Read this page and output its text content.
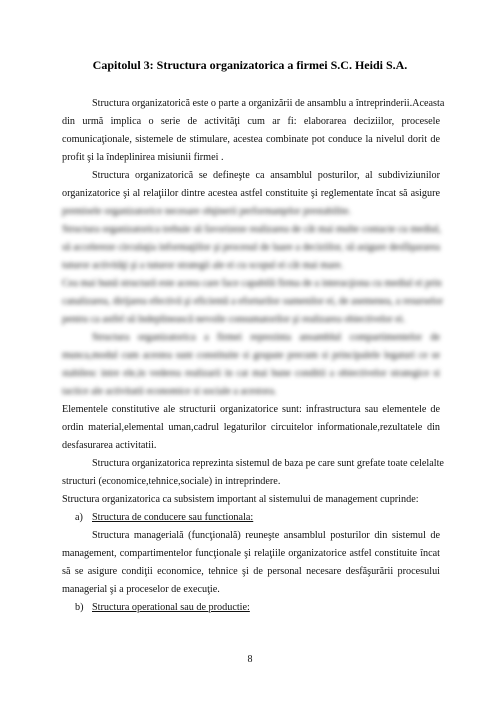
Capitolul 3: Structura organizatorica a firmei S.C. Heidi S.A.
Structura organizatorică este o parte a organizării de ansamblu a întreprinderii.Aceasta
din urmă implica o serie de activităţi cum ar fi: elaborarea deciziilor, procesele
comunicaţionale, sistemele de stimulare, acestea combinate pot conduce la nivelul dorit de
profit şi la îndeplinirea misiunii firmei .
Structura organizatorică se defineşte ca ansamblul posturilor, al subdiviziunilor
organizatorice şi al relaţiilor dintre acestea astfel constituite şi reglementate încat să asigure
premisele organizatorice necesare obţinerii performanţelor prestabilite.
Structura organizatorica trebuie să favorizeze realizarea de cât mai multe contacte cu mediul,
să accelereze circulaţia informaţiilor şi procesul de luare a deciziilor, să asigure desfăşurarea
tuturor activităţi şi a tuturor strategii ale ei cu scopul ei cât mai mare.
Cea mai bună structură este aceea care face capabilă firma de a interacţiona cu mediul ei prin
canalizarea, dirijarea efectivă şi eficientă a eforturilor oamenilor ei, de asemenea, a resurselor
pentru ca astfel să îndeplinească nevoile consumatorilor şi realizarea obiectivelor ei.
Structura organizatorica a firmei reprezinta ansamblul compartimentelor de
munca,modul cum acestea sunt constituite si grupate precum si principalele legaturi ce se
stabilesc intre ele,in vederea realizarii in cat mai bune conditii a obiectivelor strategice si
tactice ale activitatii economice si sociale a acestora.
Elementele constitutive ale structurii organizatorice sunt: infrastructura sau elementele de
ordin material,elemental uman,cadrul legaturilor circuitelor informationale,rezultatele din
desfasurarea activitatii.
Structura organizatorica reprezinta sistemul de baza pe care sunt grefate toate celelalte
structuri (economice,tehnice,sociale) in intreprindere.
Structura organizatorica ca subsistem important al sistemului de management cuprinde:
a) Structura de conducere sau functionala:
Structura managerială (funcţională) reuneşte ansamblul posturilor din sistemul de
management, compartimentelor funcţionale şi relaţiile organizatorice astfel constituite încat
să se asigure condiţii economice, tehnice şi de personal necesare desfăşurării procesului
managerial şi a proceselor de execuţie.
b) Structura operational sau de productie:
8
